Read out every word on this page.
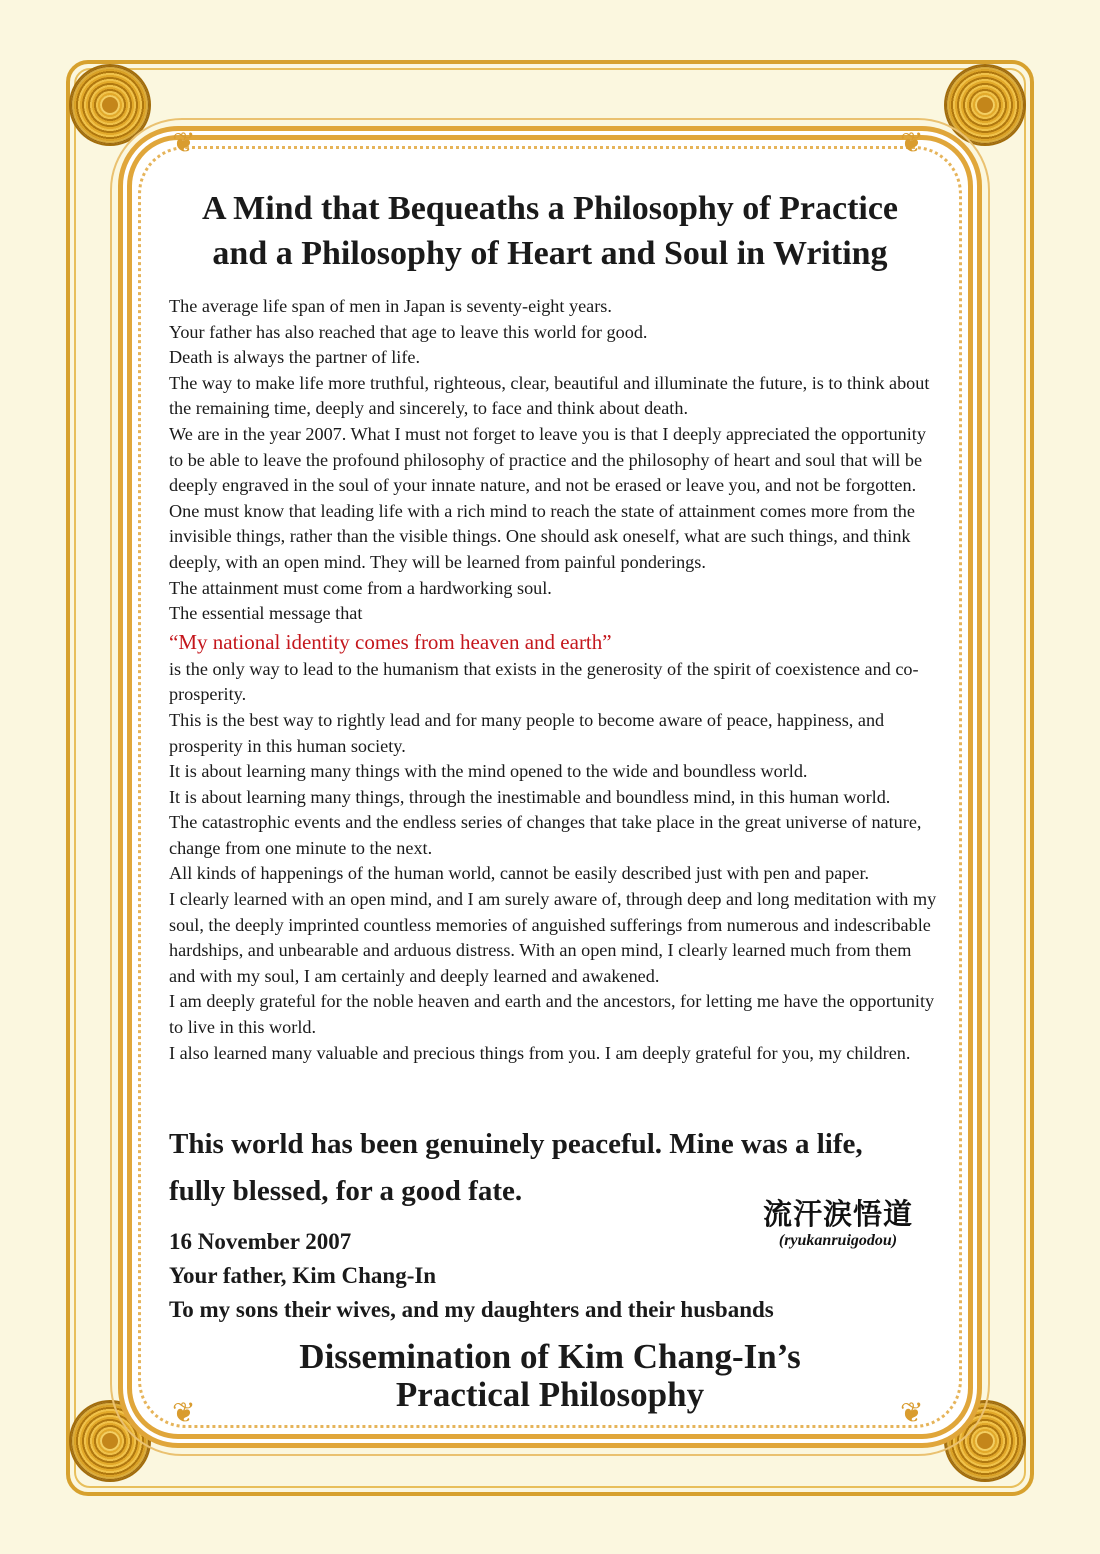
❦	❦
❦	❦
A Mind that Bequeaths a Philosophy of Practice
and a Philosophy of Heart and Soul in Writing

The average life span of men in Japan is seventy-eight years.

Your father has also reached that age to leave this world for good.

Death is always the partner of life.

The way to make life more truthful, righteous, clear, beautiful and illuminate the future, is to think about the remaining time, deeply and sincerely, to face and think about death.

We are in the year 2007. What I must not forget to leave you is that I deeply appreciated the opportunity to be able to leave the profound philosophy of practice and the philosophy of heart and soul that will be deeply engraved in the soul of your innate nature, and not be erased or leave you, and not be forgotten.

One must know that leading life with a rich mind to reach the state of attainment comes more from the invisible things, rather than the visible things. One should ask oneself, what are such things, and think deeply, with an open mind. They will be learned from painful ponderings.

The attainment must come from a hardworking soul.

The essential message that

“My national identity comes from heaven and earth”

is the only way to lead to the humanism that exists in the generosity of the spirit of coexistence and co-prosperity.

This is the best way to rightly lead and for many people to become aware of peace, happiness, and prosperity in this human society.

It is about learning many things with the mind opened to the wide and boundless world.

It is about learning many things, through the inestimable and boundless mind, in this human world.

The catastrophic events and the endless series of changes that take place in the great universe of nature, change from one minute to the next.

All kinds of happenings of the human world, cannot be easily described just with pen and paper.

I clearly learned with an open mind, and I am surely aware of, through deep and long meditation with my soul, the deeply imprinted countless memories of anguished sufferings from numerous and indescribable hardships, and unbearable and arduous distress. With an open mind, I clearly learned much from them and with my soul, I am certainly and deeply learned and awakened.

I am deeply grateful for the noble heaven and earth and the ancestors, for letting me have the opportunity to live in this world.

I also learned many valuable and precious things from you. I am deeply grateful for you, my children.

This world has been genuinely peaceful. Mine was a life,

fully blessed, for a good fate.

流汗涙悟道
(ryukanruigodou)

16 November 2007

Your father, Kim Chang-In

To my sons their wives, and my daughters and their husbands

Dissemination of Kim Chang-In’s

Practical Philosophy
